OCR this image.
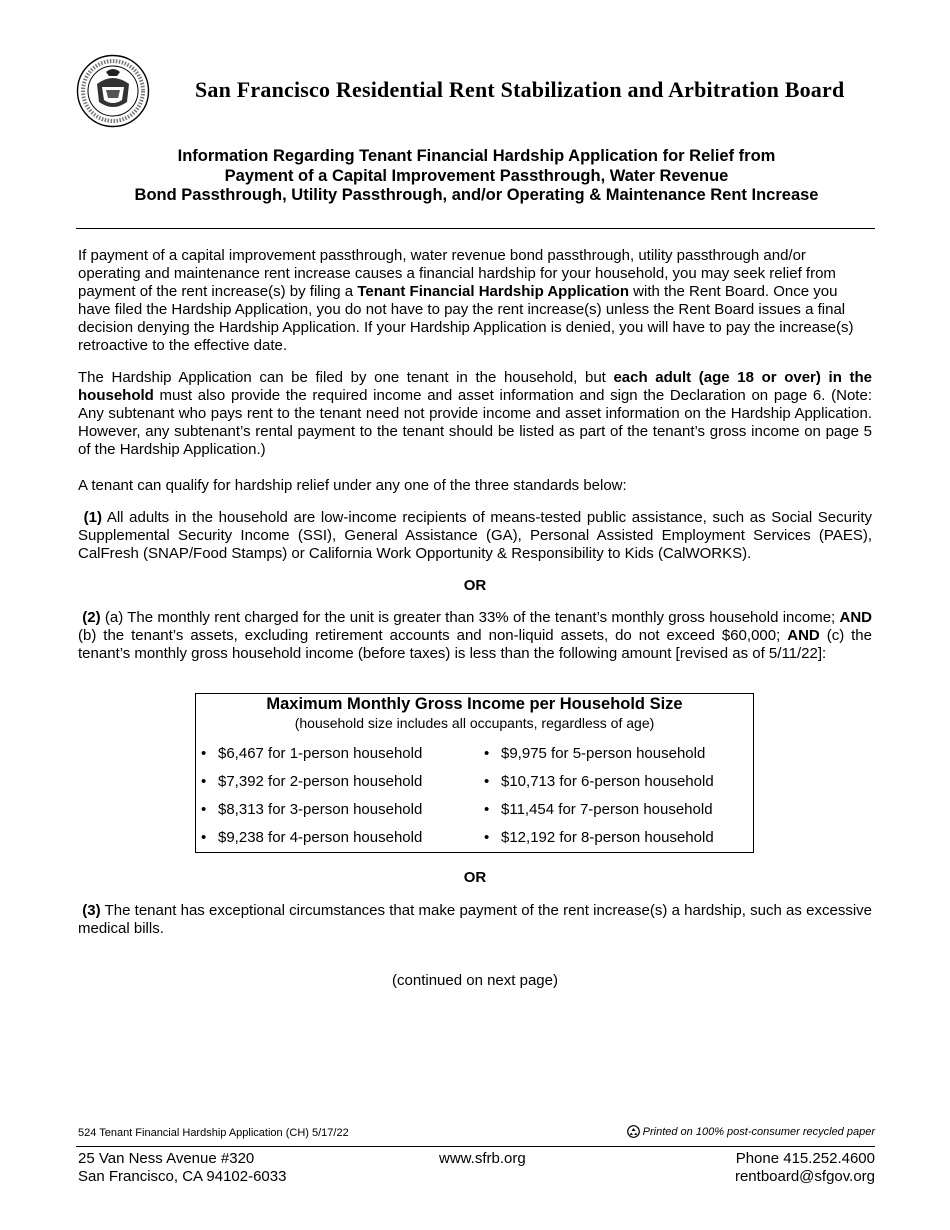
San Francisco Residential Rent Stabilization and Arbitration Board
Information Regarding Tenant Financial Hardship Application for Relief from
Payment of a Capital Improvement Passthrough, Water Revenue
Bond Passthrough, Utility Passthrough, and/or Operating & Maintenance Rent Increase

If payment of a capital improvement passthrough, water revenue bond passthrough, utility passthrough and/or operating and maintenance rent increase causes a financial hardship for your household, you may seek relief from payment of the rent increase(s) by filing a Tenant Financial Hardship Application with the Rent Board. Once you have filed the Hardship Application, you do not have to pay the rent increase(s) unless the Rent Board issues a final decision denying the Hardship Application. If your Hardship Application is denied, you will have to pay the increase(s) retroactive to the effective date.

The Hardship Application can be filed by one tenant in the household, but each adult (age 18 or over) in the household must also provide the required income and asset information and sign the Declaration on page 6. (Note: Any subtenant who pays rent to the tenant need not provide income and asset information on the Hardship Application. However, any subtenant’s rental payment to the tenant should be listed as part of the tenant’s gross income on page 5 of the Hardship Application.)

A tenant can qualify for hardship relief under any one of the three standards below:

(1) All adults in the household are low-income recipients of means-tested public assistance, such as Social Security Supplemental Security Income (SSI), General Assistance (GA), Personal Assisted Employment Services (PAES), CalFresh (SNAP/Food Stamps) or California Work Opportunity & Responsibility to Kids (CalWORKS).

OR

(2) (a) The monthly rent charged for the unit is greater than 33% of the tenant’s monthly gross household income; AND (b) the tenant’s assets, excluding retirement accounts and non-liquid assets, do not exceed $60,000; AND (c) the tenant’s monthly gross household income (before taxes) is less than the following amount [revised as of 5/11/22]:

Maximum Monthly Gross Income per Household Size
(household size includes all occupants, regardless of age)
• $6,467 for 1-person household
• $7,392 for 2-person household
• $8,313 for 3-person household
• $9,238 for 4-person household
• $9,975 for 5-person household
• $10,713 for 6-person household
• $11,454 for 7-person household
• $12,192 for 8-person household
OR

(3) The tenant has exceptional circumstances that make payment of the rent increase(s) a hardship, such as excessive medical bills.

(continued on next page)
524 Tenant Financial Hardship Application (CH) 5/17/22	Printed on 100% post-consumer recycled paper
25 Van Ness Avenue #320
San Francisco, CA 94102-6033
www.sfrb.org	Phone 415.252.4600
rentboard@sfgov.org
